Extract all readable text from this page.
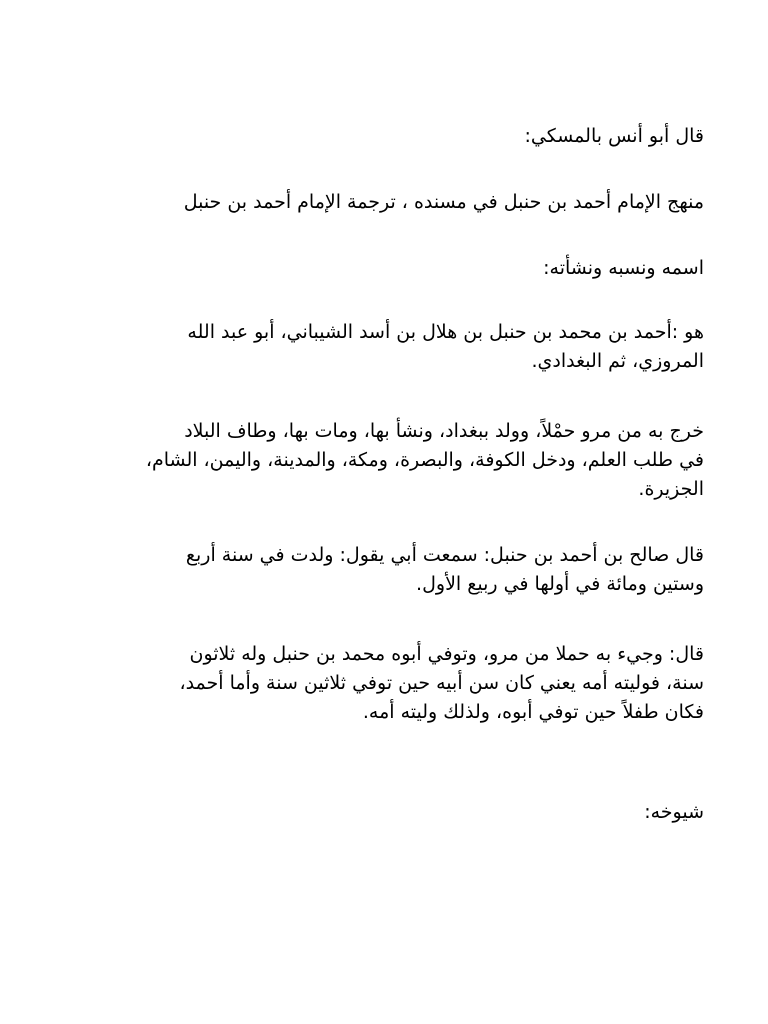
قال أبو أنس بالمسكي:

منهج الإمام أحمد بن حنبل في مسنده ، ترجمة الإمام أحمد بن حنبل

اسمه ونسبه ونشأته:

هو :أحمد بن محمد بن حنبل بن هلال بن أسد الشيباني، أبو عبد الله
المروزي، ثم البغدادي.

خرج به من مرو حمْلاً، وولد ببغداد، ونشأ بها، ومات بها، وطاف البلاد
في طلب العلم، ودخل الكوفة، والبصرة، ومكة، والمدينة، واليمن، الشام،
الجزيرة.

قال صالح بن أحمد بن حنبل: سمعت أبي يقول: ولدت في سنة أربع
وستين ومائة في أولها في ربيع الأول.

قال: وجيء به حملا من مرو، وتوفي أبوه محمد بن حنبل وله ثلاثون
سنة، فوليته أمه يعني كان سن أبيه حين توفي ثلاثين سنة وأما أحمد،
فكان طفلاً حين توفي أبوه، ولذلك وليته أمه.

شيوخه:
